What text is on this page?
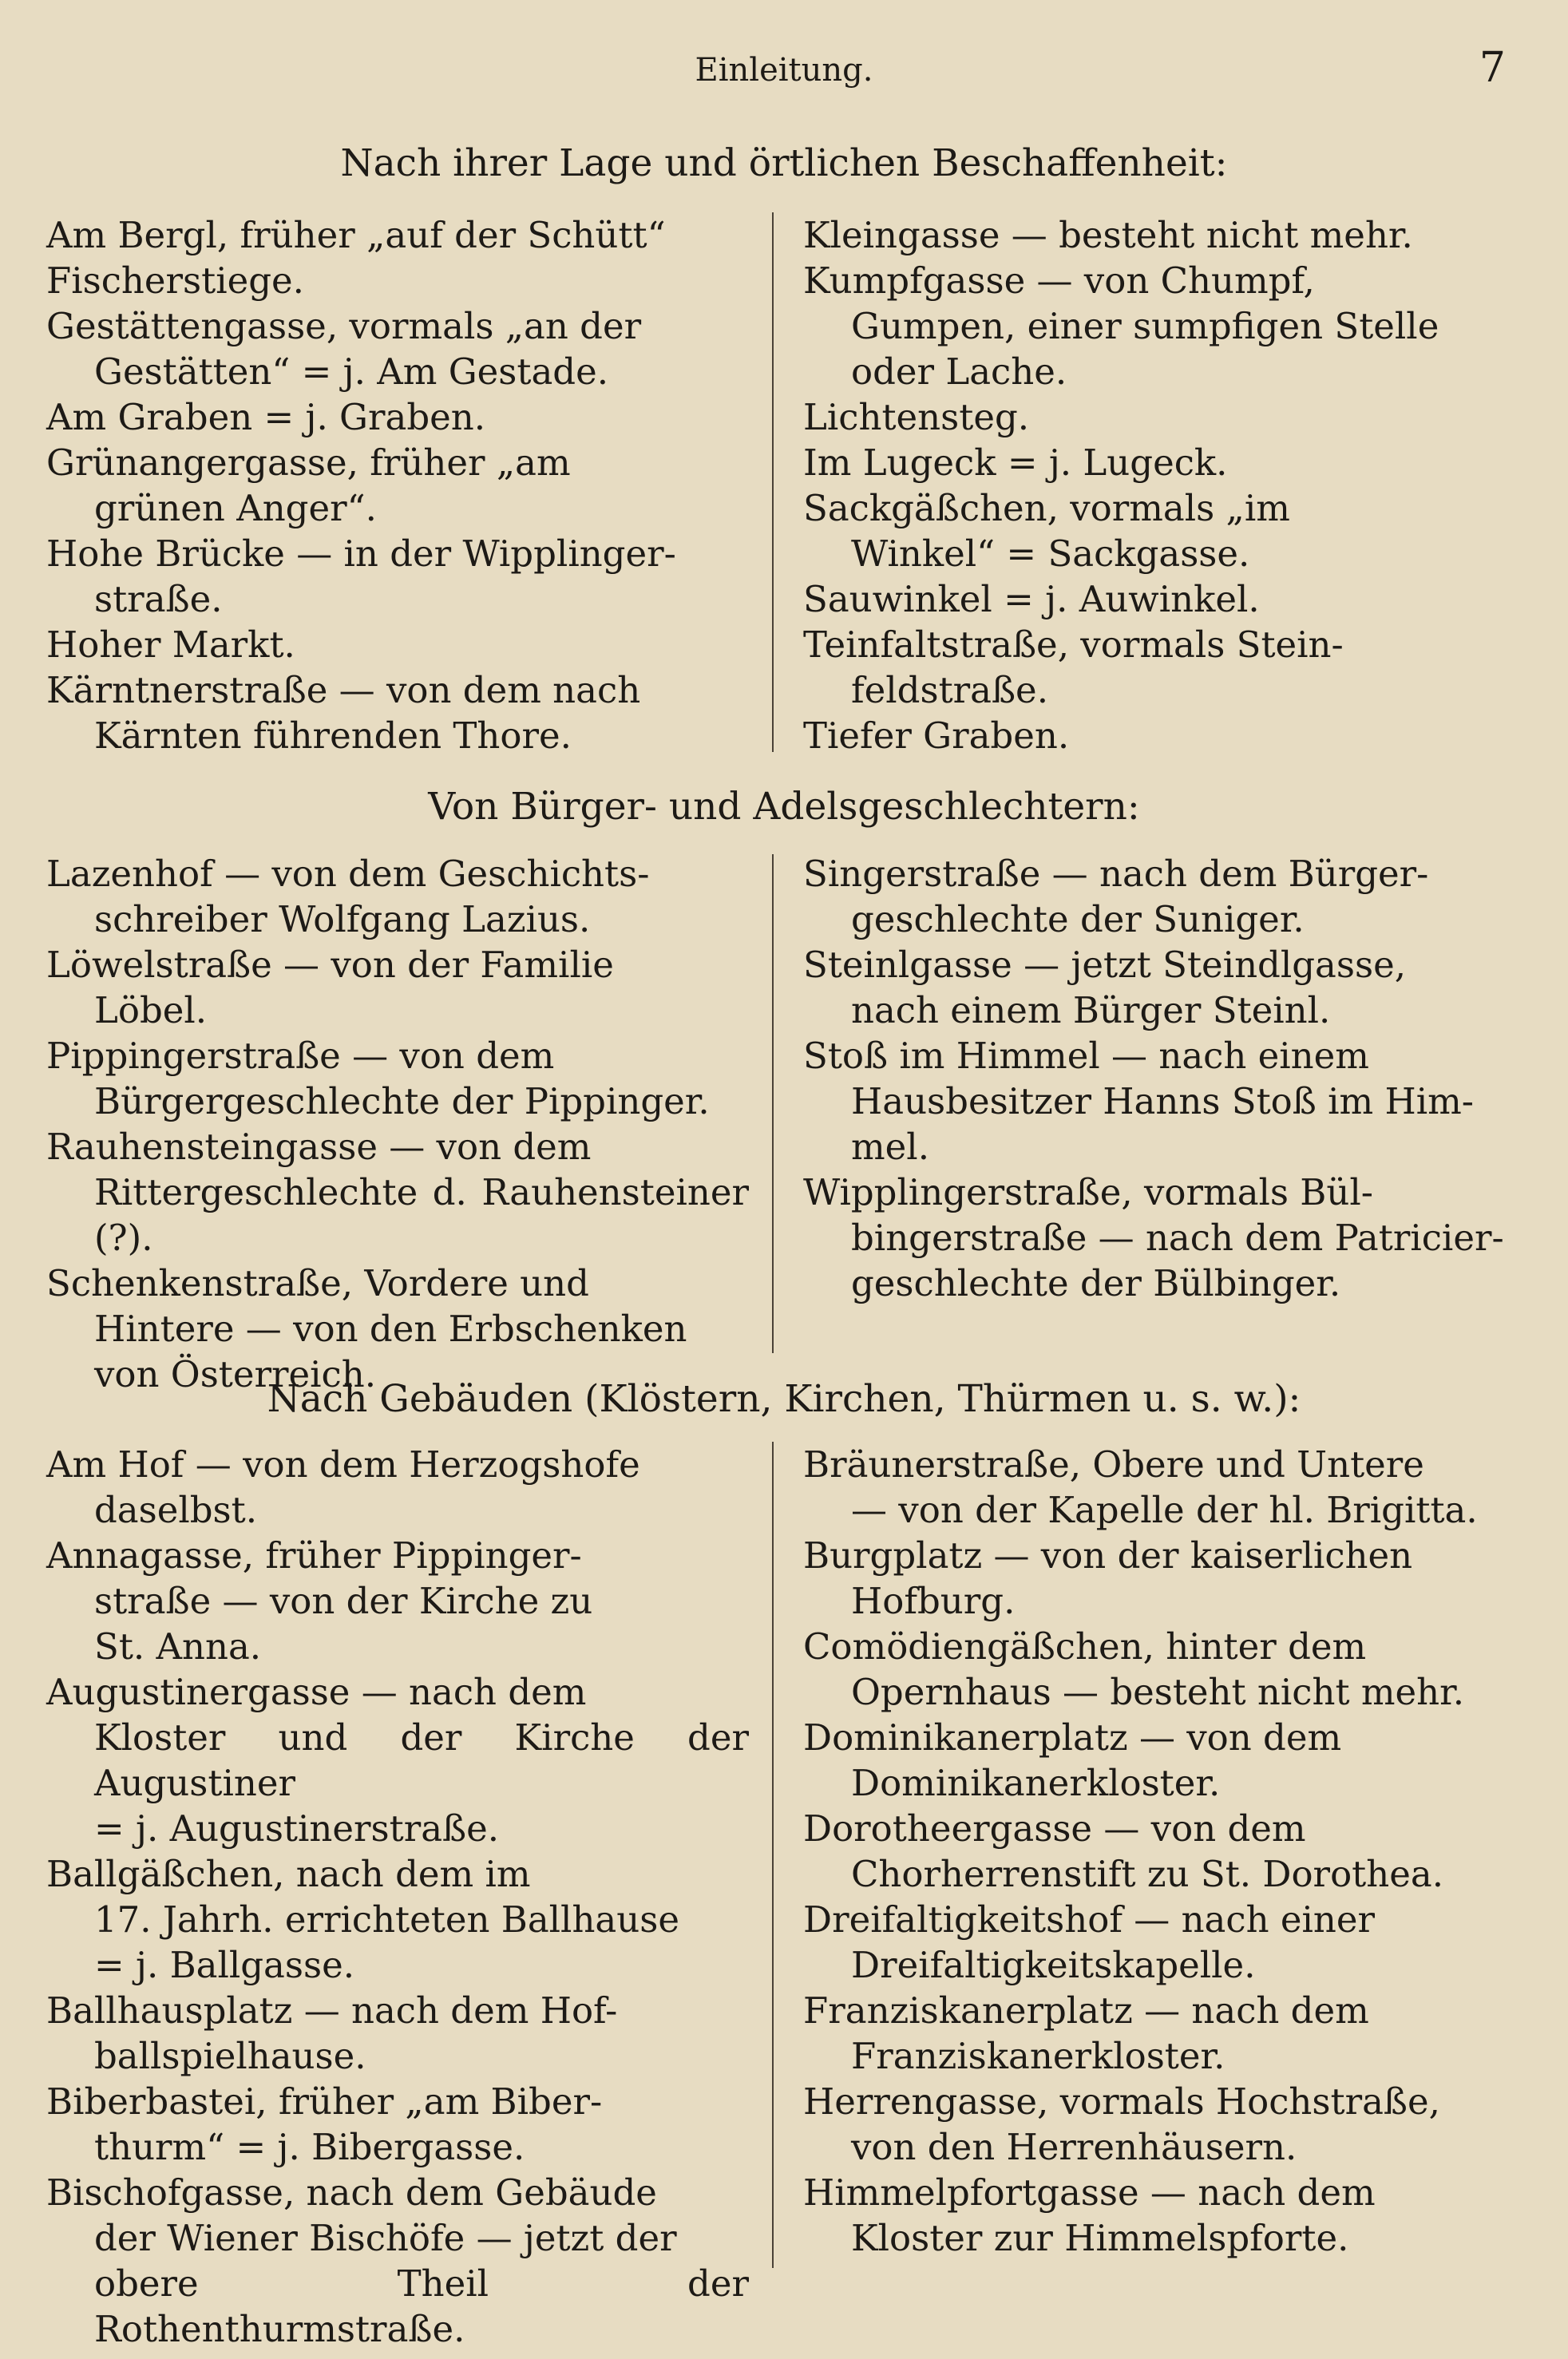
Einleitung.	7
Nach ihrer Lage und örtlichen Beschaffenheit:
Am Bergl, früher „auf der Schütt“
Fischerstiege.
Gestättengasse, vormals „an der
Gestätten“ = j. Am Gestade.
Am Graben = j. Graben.
Grünangergasse, früher „am
grünen Anger“.
Hohe Brücke — in der Wipplinger-
straße.
Hoher Markt.
Kärntnerstraße — von dem nach
Kärnten führenden Thore.
Kleingasse — besteht nicht mehr.
Kumpfgasse — von Chumpf,
Gumpen, einer sumpfigen Stelle
oder Lache.
Lichtensteg.
Im Lugeck = j. Lugeck.
Sackgäßchen, vormals „im
Winkel“ = Sackgasse.
Sauwinkel = j. Auwinkel.
Teinfaltstraße, vormals Stein-
feldstraße.
Tiefer Graben.
Von Bürger- und Adelsgeschlechtern:
Lazenhof — von dem Geschichts-
schreiber Wolfgang Lazius.
Löwelstraße — von der Familie
Löbel.
Pippingerstraße — von dem
Bürgergeschlechte der Pippinger.
Rauhensteingasse — von dem
Rittergeschlechte d. Rauhensteiner (?).
Schenkenstraße, Vordere und
Hintere — von den Erbschenken
von Österreich.
Singerstraße — nach dem Bürger-
geschlechte der Suniger.
Steinlgasse — jetzt Steindlgasse,
nach einem Bürger Steinl.
Stoß im Himmel — nach einem
Hausbesitzer Hanns Stoß im Him-
mel.
Wipplingerstraße, vormals Bül-
bingerstraße — nach dem Patricier-
geschlechte der Bülbinger.
Nach Gebäuden (Klöstern, Kirchen, Thürmen u. s. w.):
Am Hof — von dem Herzogshofe
daselbst.
Annagasse, früher Pippinger-
straße — von der Kirche zu
St. Anna.
Augustinergasse — nach dem
Kloster und der Kirche der Augustiner
= j. Augustinerstraße.
Ballgäßchen, nach dem im
17. Jahrh. errichteten Ballhause
= j. Ballgasse.
Ballhausplatz — nach dem Hof-
ballspielhause.
Biberbastei, früher „am Biber-
thurm“ = j. Bibergasse.
Bischofgasse, nach dem Gebäude
der Wiener Bischöfe — jetzt der
obere Theil der Rothenthurmstraße.
Bräunerstraße, Obere und Untere
— von der Kapelle der hl. Brigitta.
Burgplatz — von der kaiserlichen
Hofburg.
Comödiengäßchen, hinter dem
Opernhaus — besteht nicht mehr.
Dominikanerplatz — von dem
Dominikanerkloster.
Dorotheergasse — von dem
Chorherrenstift zu St. Dorothea.
Dreifaltigkeitshof — nach einer
Dreifaltigkeitskapelle.
Franziskanerplatz — nach dem
Franziskanerkloster.
Herrengasse, vormals Hochstraße,
von den Herrenhäusern.
Himmelpfortgasse — nach dem
Kloster zur Himmelspforte.
